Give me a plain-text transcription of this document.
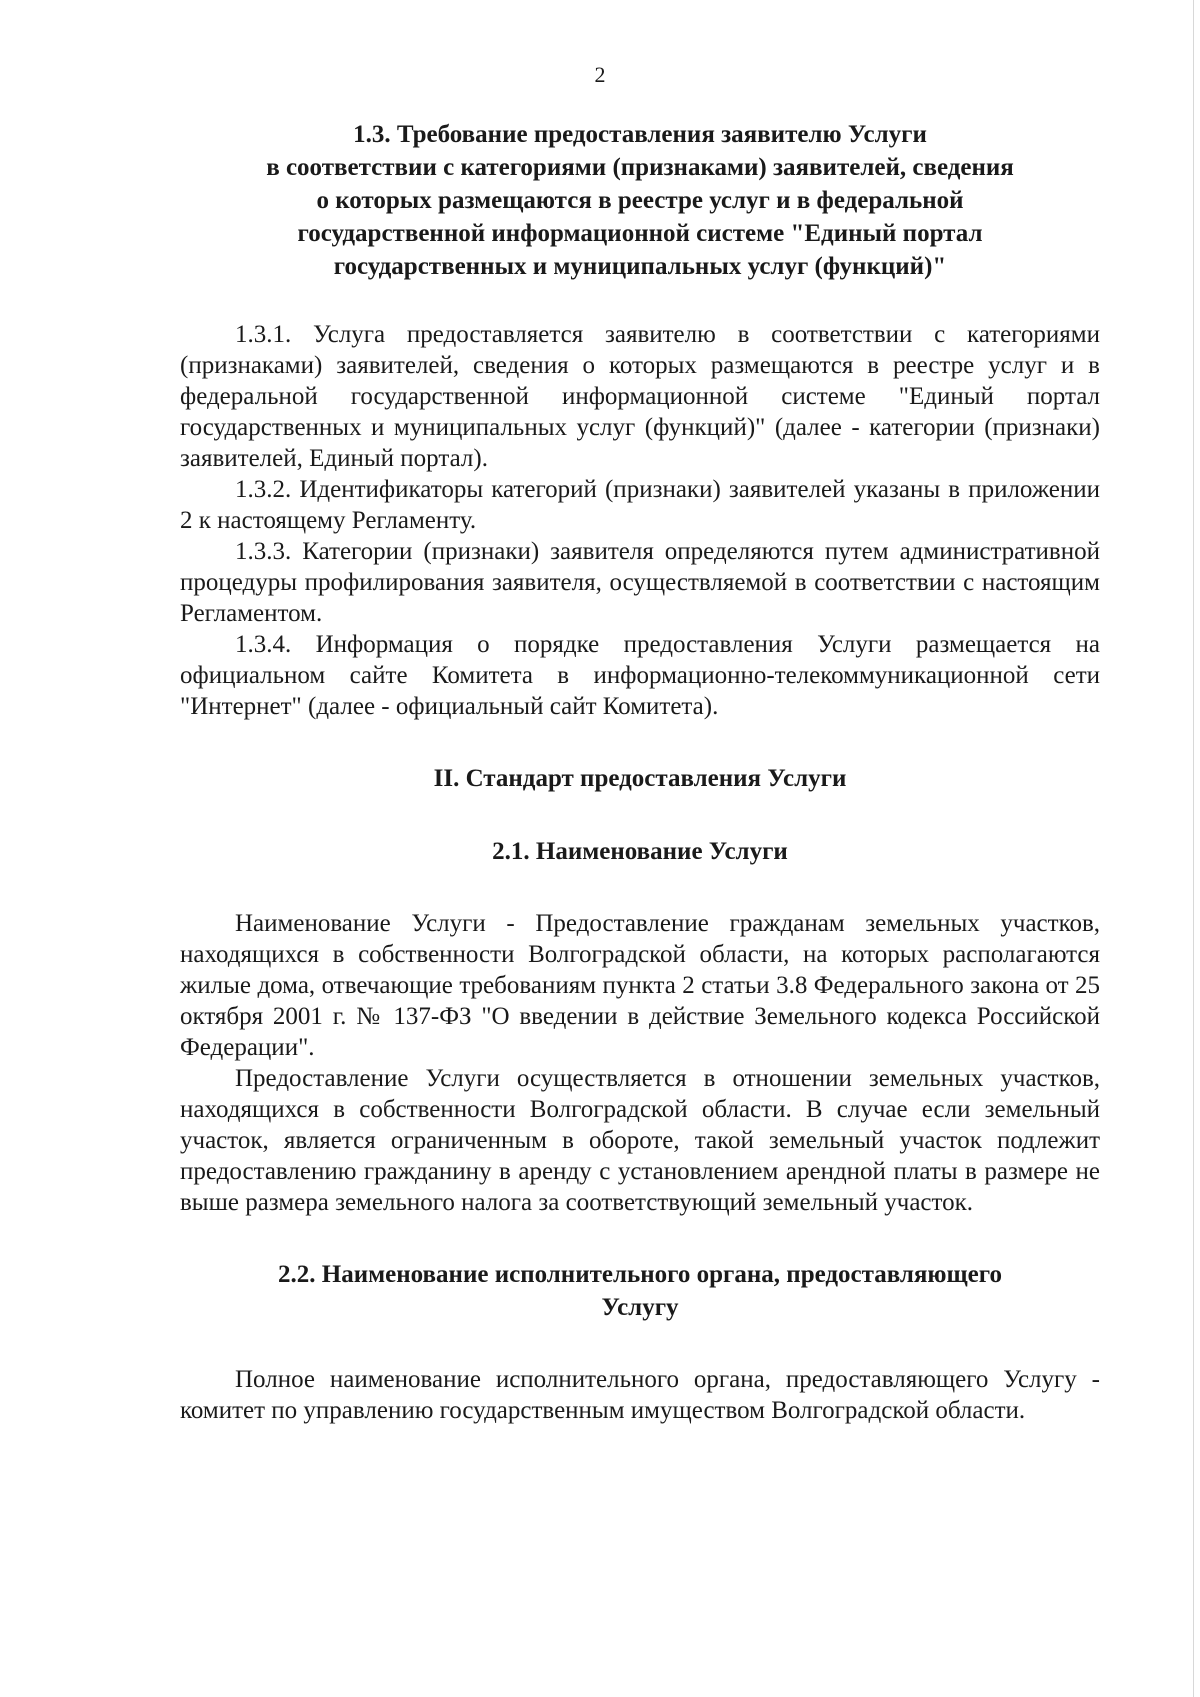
2
1.3. Требование предоставления заявителю Услуги
в соответствии с категориями (признаками) заявителей, сведения
о которых размещаются в реестре услуг и в федеральной
государственной информационной системе "Единый портал
государственных и муниципальных услуг (функций)"

1.3.1. Услуга предоставляется заявителю в соответствии с категориями (признаками) заявителей, сведения о которых размещаются в реестре услуг и в федеральной государственной информационной системе "Единый портал государственных и муниципальных услуг (функций)" (далее - категории (признаки) заявителей, Единый портал).

1.3.2. Идентификаторы категорий (признаки) заявителей указаны в приложении 2 к настоящему Регламенту.

1.3.3. Категории (признаки) заявителя определяются путем административной процедуры профилирования заявителя, осуществляемой в соответствии с настоящим Регламентом.

1.3.4. Информация о порядке предоставления Услуги размещается на официальном сайте Комитета в информационно-телекоммуникационной сети "Интернет" (далее - официальный сайт Комитета).

II. Стандарт предоставления Услуги
2.1. Наименование Услуги

Наименование Услуги - Предоставление гражданам земельных участков, находящихся в собственности Волгоградской области, на которых располагаются жилые дома, отвечающие требованиям пункта 2 статьи 3.8 Федерального закона от 25 октября 2001 г. № 137-ФЗ "О введении в действие Земельного кодекса Российской Федерации".

Предоставление Услуги осуществляется в отношении земельных участков, находящихся в собственности Волгоградской области. В случае если земельный участок, является ограниченным в обороте, такой земельный участок подлежит предоставлению гражданину в аренду с установлением арендной платы в размере не выше размера земельного налога за соответствующий земельный участок.

2.2. Наименование исполнительного органа, предоставляющего
Услугу

Полное наименование исполнительного органа, предоставляющего Услугу - комитет по управлению государственным имуществом Волгоградской области.
